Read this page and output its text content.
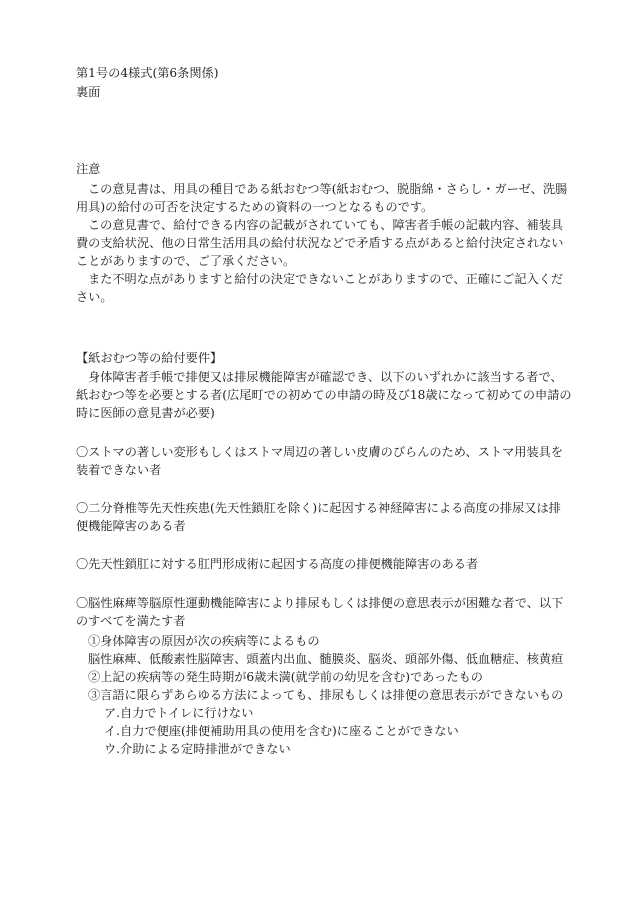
第1号の4様式(第6条関係)
裏面
注意

この意見書は、用具の種目である紙おむつ等(紙おむつ、脱脂綿・さらし・ガーゼ、洗腸用具)の給付の可否を決定するための資料の一つとなるものです。

この意見書で、給付できる内容の記載がされていても、障害者手帳の記載内容、補装具費の支給状況、他の日常生活用具の給付状況などで矛盾する点があると給付決定されないことがありますので、ご了承ください。

また不明な点がありますと給付の決定できないことがありますので、正確にご記入ください。

【紙おむつ等の給付要件】

身体障害者手帳で排便又は排尿機能障害が確認でき、以下のいずれかに該当する者で、紙おむつ等を必要とする者(広尾町での初めての申請の時及び18歳になって初めての申請の時に医師の意見書が必要)

〇ストマの著しい変形もしくはストマ周辺の著しい皮膚のびらんのため、ストマ用装具を装着できない者

〇二分脊椎等先天性疾患(先天性鎖肛を除く)に起因する神経障害による高度の排尿又は排便機能障害のある者

〇先天性鎖肛に対する肛門形成術に起因する高度の排便機能障害のある者

〇脳性麻痺等脳原性運動機能障害により排尿もしくは排便の意思表示が困難な者で、以下のすべてを満たす者

①身体障害の原因が次の疾病等によるもの

脳性麻痺、低酸素性脳障害、頭蓋内出血、髄膜炎、脳炎、頭部外傷、低血糖症、核黄疸

②上記の疾病等の発生時期が6歳未満(就学前の幼児を含む)であったもの

③言語に限らずあらゆる方法によっても、排尿もしくは排便の意思表示ができないもの

ア.自力でトイレに行けない

イ.自力で便座(排便補助用具の使用を含む)に座ることができない

ウ.介助による定時排泄ができない
